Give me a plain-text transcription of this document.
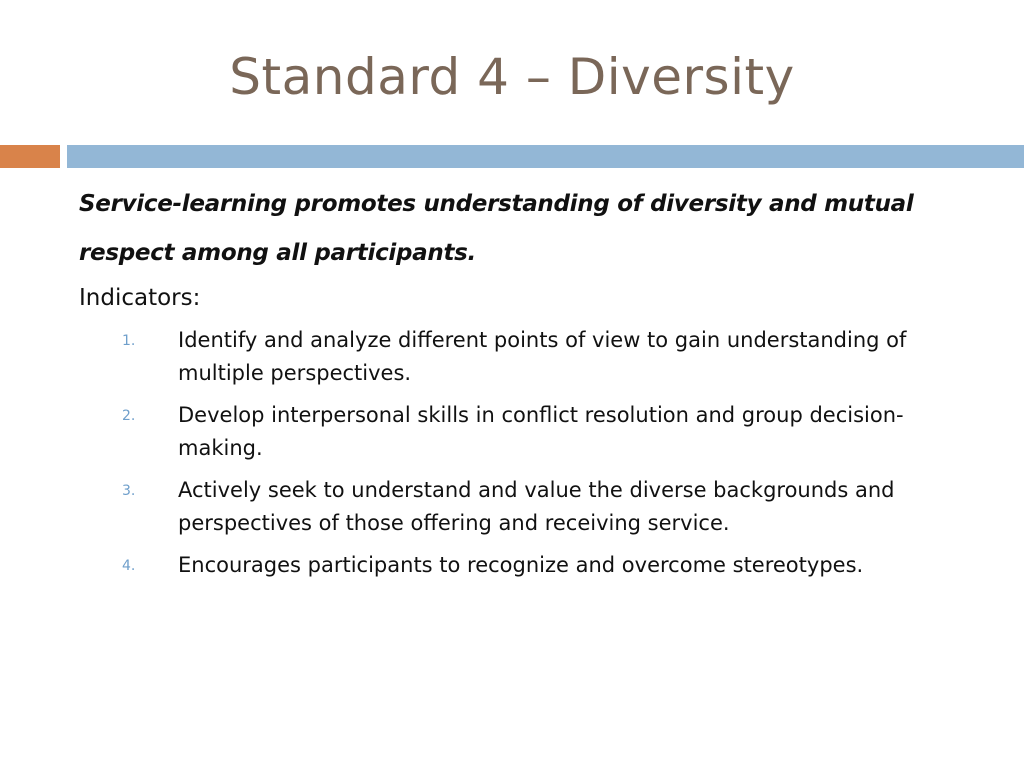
Standard 4 – Diversity

Service-learning promotes understanding of diversity and mutual respect among all participants.

Indicators:

1. Identify and analyze different points of view to gain understanding of multiple perspectives.
2. Develop interpersonal skills in conflict resolution and group decision-making.
3. Actively seek to understand and value the diverse backgrounds and perspectives of those offering and receiving service.
4. Encourages participants to recognize and overcome stereotypes.
